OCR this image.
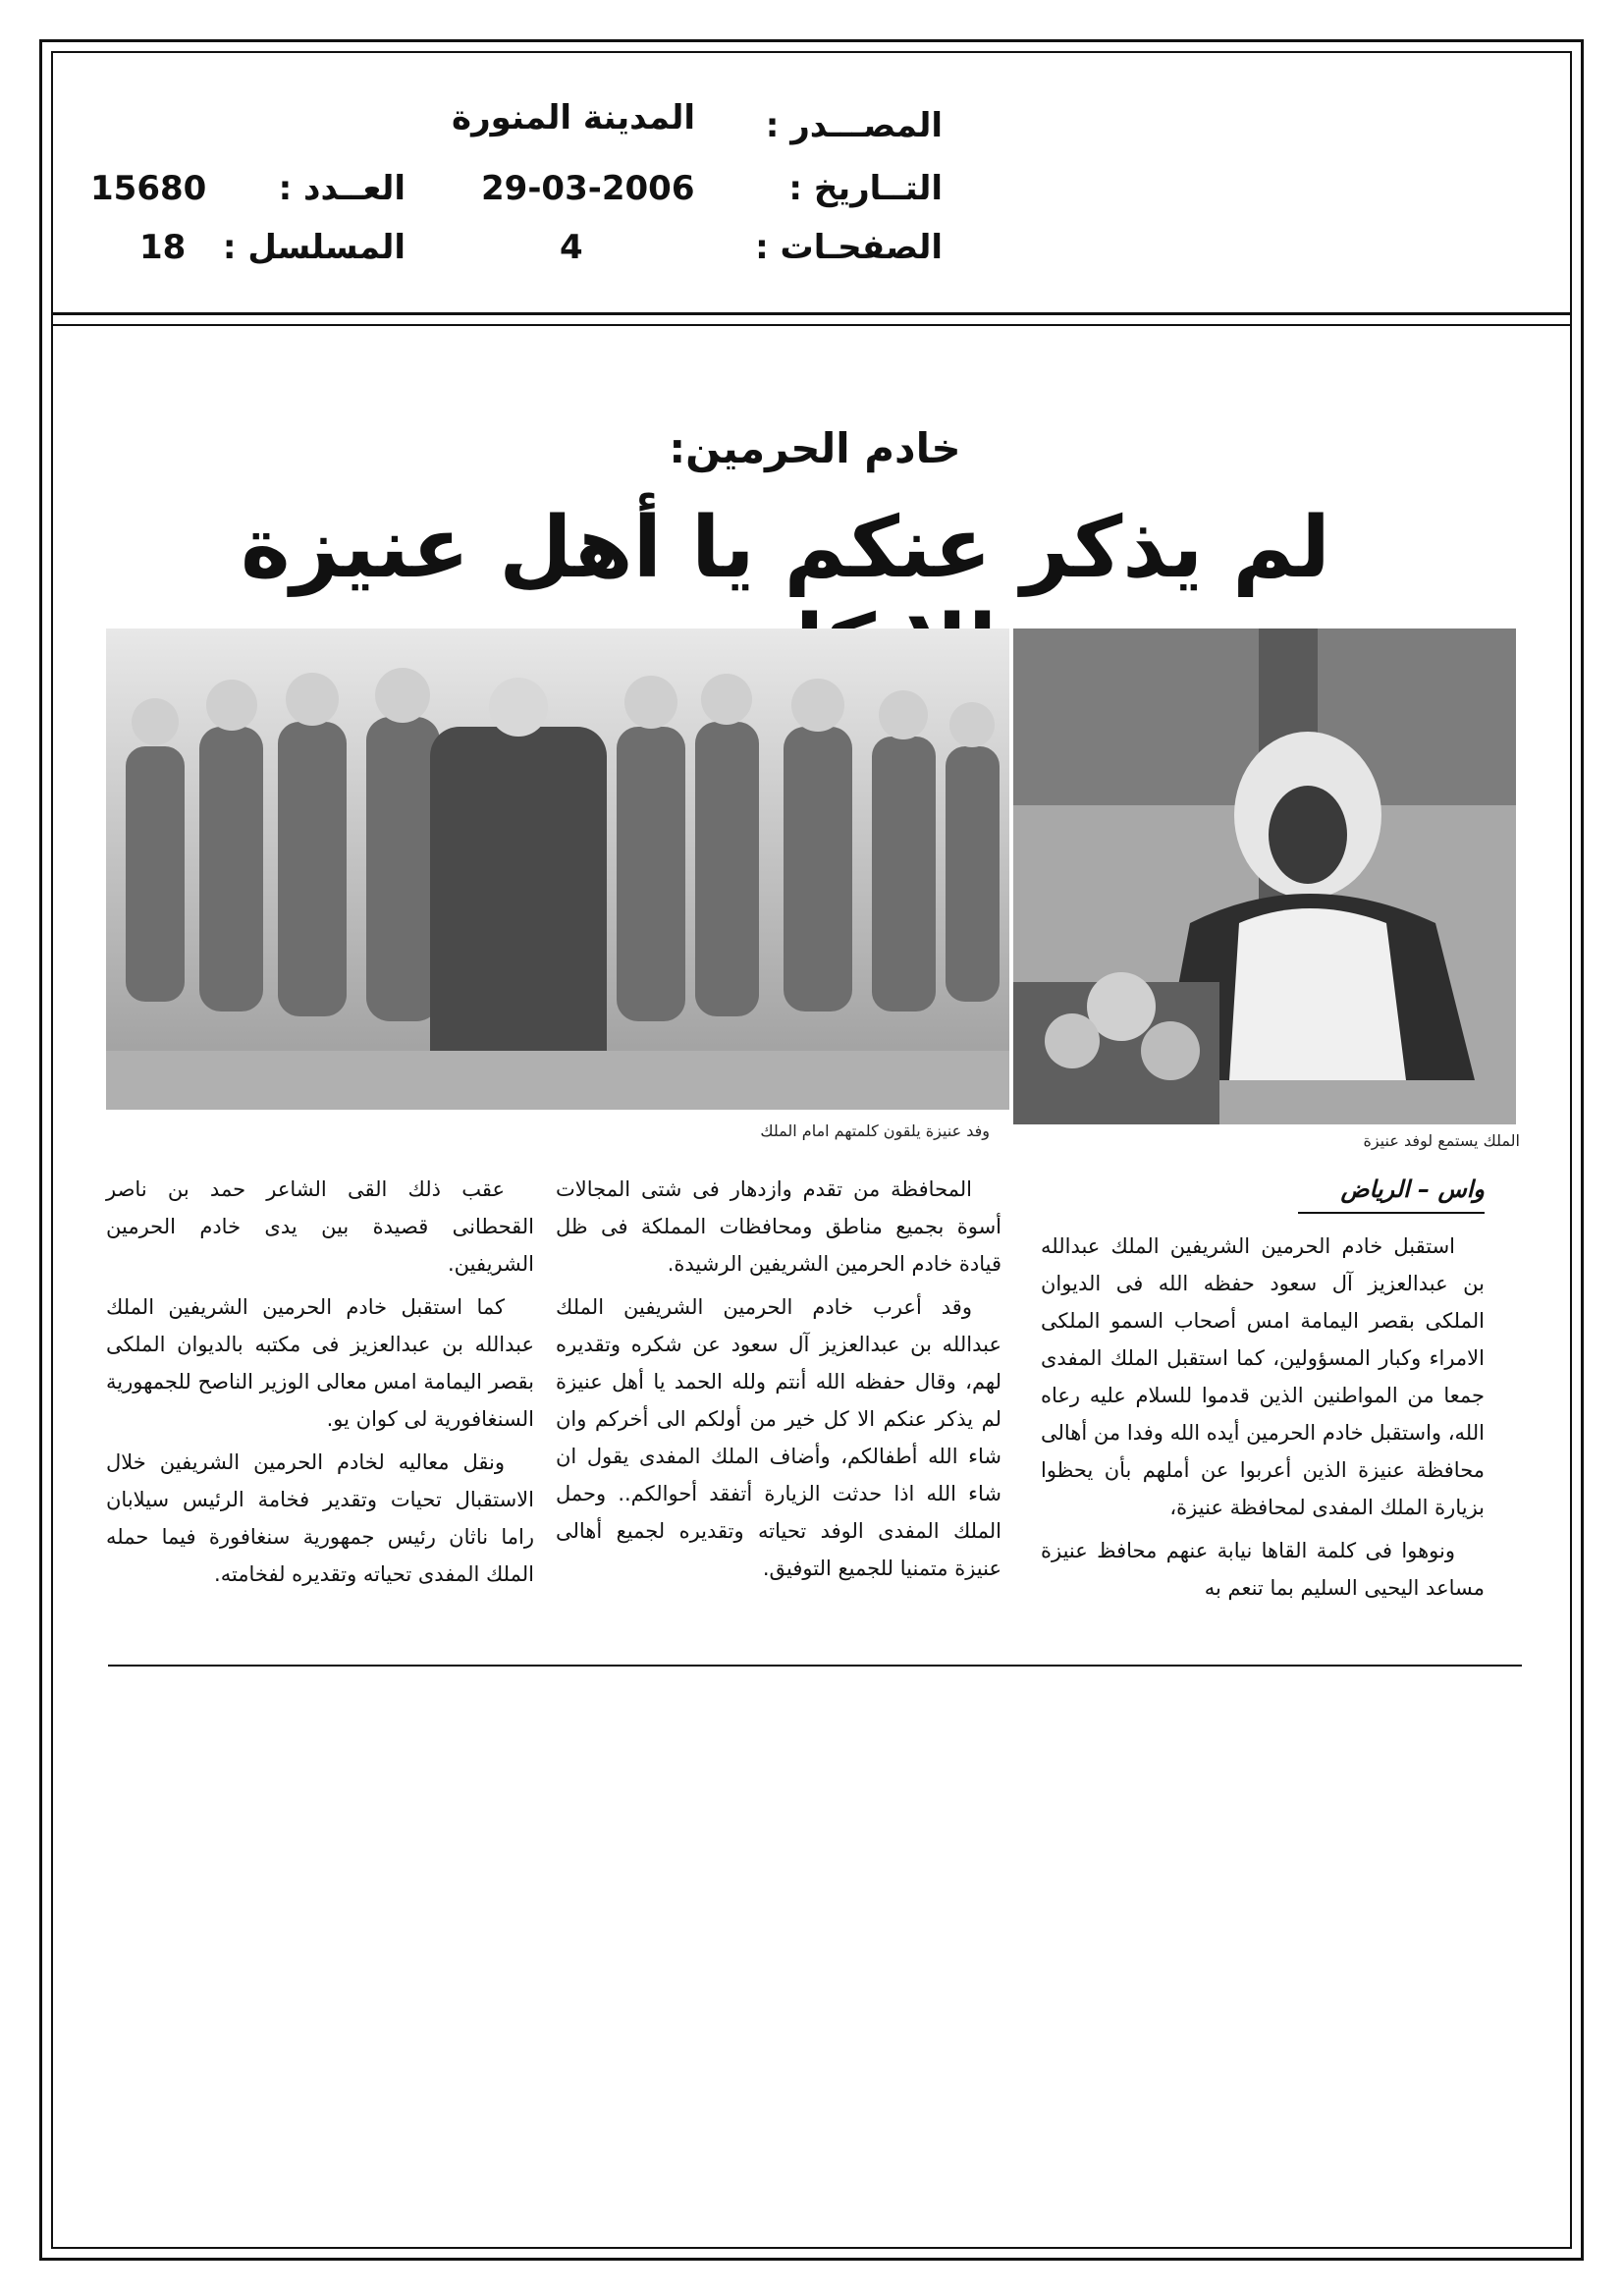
المصـــدر :
المدينة المنورة
التــاريخ :
29-03-2006
الصفحـات :
4
العــدد :
15680
المسلسل :
18
خادم الحرمين:
لم يذكر عنكم يا أهل عنيزة
وفد عنيزة يلقون كلمتهم امام الملك
الملك يستمع لوفد عنيزة
واس – الرياض

استقبل خادم الحرمين الشريفين الملك عبدالله بن عبدالعزيز آل سعود حفظه الله فى الديوان الملكى بقصر اليمامة امس أصحاب السمو الملكى الامراء وكبار المسؤولين، كما استقبل الملك المفدى جمعا من المواطنين الذين قدموا للسلام عليه رعاه الله، واستقبل خادم الحرمين أيده الله وفدا من أهالى محافظة عنيزة الذين أعربوا عن أملهم بأن يحظوا بزيارة الملك المفدى لمحافظة عنيزة،

ونوهوا فى كلمة القاها نيابة عنهم محافظ عنيزة مساعد اليحيى السليم بما تنعم به

المحافظة من تقدم وازدهار فى شتى المجالات أسوة بجميع مناطق ومحافظات المملكة فى ظل قيادة خادم الحرمين الشريفين الرشيدة.

وقد أعرب خادم الحرمين الشريفين الملك عبدالله بن عبدالعزيز آل سعود عن شكره وتقديره لهم، وقال حفظه الله أنتم ولله الحمد يا أهل عنيزة لم يذكر عنكم الا كل خير من أولكم الى أخركم وان شاء الله أطفالكم، وأضاف الملك المفدى يقول ان شاء الله اذا حدثت الزيارة أتفقد أحوالكم.. وحمل الملك المفدى الوفد تحياته وتقديره لجميع أهالى عنيزة متمنيا للجميع التوفيق.

عقب ذلك القى الشاعر حمد بن ناصر القحطانى قصيدة بين يدى خادم الحرمين الشريفين.

كما استقبل خادم الحرمين الشريفين الملك عبدالله بن عبدالعزيز فى مكتبه بالديوان الملكى بقصر اليمامة امس معالى الوزير الناصح للجمهورية السنغافورية لى كوان يو.

ونقل معاليه لخادم الحرمين الشريفين خلال الاستقبال تحيات وتقدير فخامة الرئيس سيلابان راما ناثان رئيس جمهورية سنغافورة فيما حمله الملك المفدى تحياته وتقديره لفخامته.
